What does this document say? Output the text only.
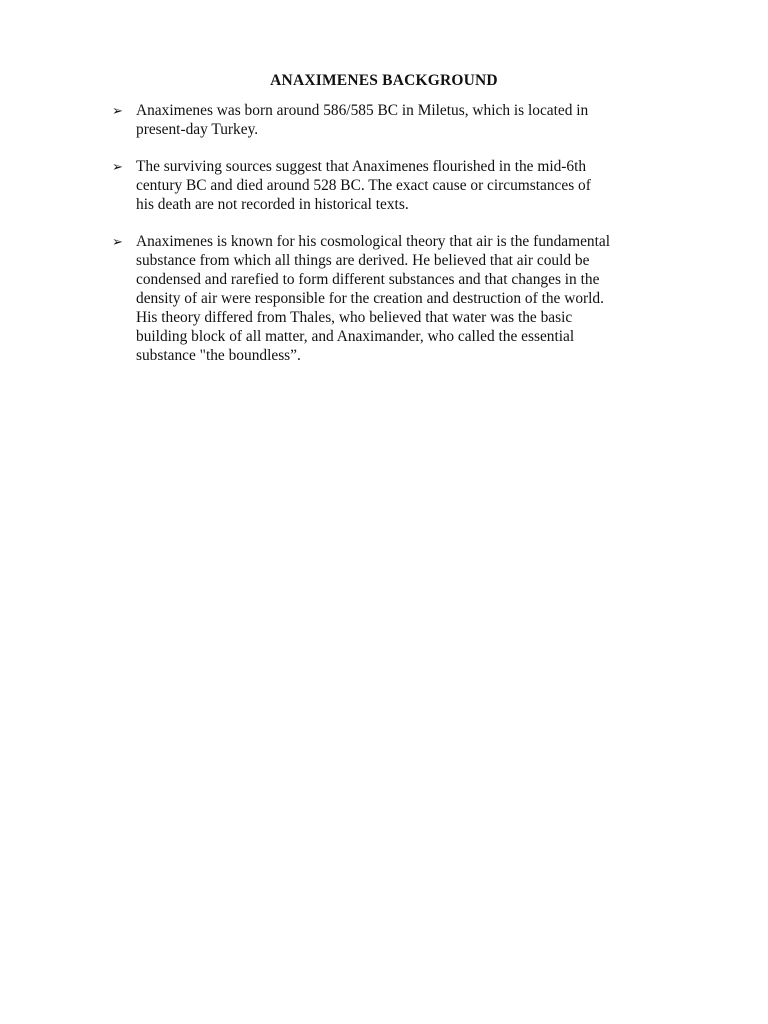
ANAXIMENES BACKGROUND
➢ Anaximenes was born around 586/585 BC in Miletus, which is located in
present-day Turkey.
➢ The surviving sources suggest that Anaximenes flourished in the mid-6th
century BC and died around 528 BC. The exact cause or circumstances of
his death are not recorded in historical texts.
➢ Anaximenes is known for his cosmological theory that air is the fundamental
substance from which all things are derived. He believed that air could be
condensed and rarefied to form different substances and that changes in the
density of air were responsible for the creation and destruction of the world.
His theory differed from Thales, who believed that water was the basic
building block of all matter, and Anaximander, who called the essential
substance "the boundless”.
